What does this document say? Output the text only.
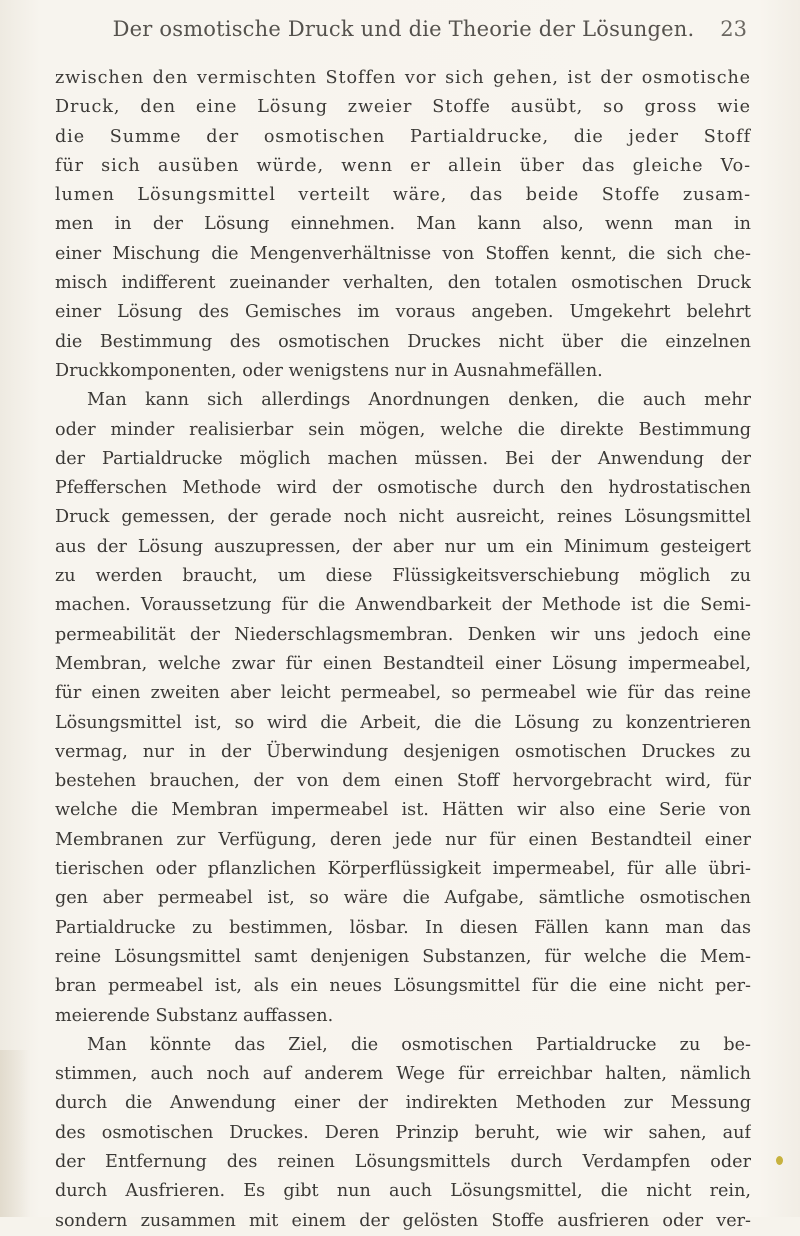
Der osmotische Druck und die Theorie der Lösungen.	23
zwischen den vermischten Stoffen vor sich gehen, ist der osmotische
Druck, den eine Lösung zweier Stoffe ausübt, so gross wie
die Summe der osmotischen Partialdrucke, die jeder Stoff
für sich ausüben würde, wenn er allein über das gleiche Vo-
lumen Lösungsmittel verteilt wäre, das beide Stoffe zusam-
men in der Lösung einnehmen. Man kann also, wenn man in
einer Mischung die Mengenverhältnisse von Stoffen kennt, die sich che-
misch indifferent zueinander verhalten, den totalen osmotischen Druck
einer Lösung des Gemisches im voraus angeben. Umgekehrt belehrt
die Bestimmung des osmotischen Druckes nicht über die einzelnen
Druckkomponenten, oder wenigstens nur in Ausnahmefällen.
Man kann sich allerdings Anordnungen denken, die auch mehr
oder minder realisierbar sein mögen, welche die direkte Bestimmung
der Partialdrucke möglich machen müssen. Bei der Anwendung der
Pfefferschen Methode wird der osmotische durch den hydrostatischen
Druck gemessen, der gerade noch nicht ausreicht, reines Lösungsmittel
aus der Lösung auszupressen, der aber nur um ein Minimum gesteigert
zu werden braucht, um diese Flüssigkeitsverschiebung möglich zu
machen. Voraussetzung für die Anwendbarkeit der Methode ist die Semi-
permeabilität der Niederschlagsmembran. Denken wir uns jedoch eine
Membran, welche zwar für einen Bestandteil einer Lösung impermeabel,
für einen zweiten aber leicht permeabel, so permeabel wie für das reine
Lösungsmittel ist, so wird die Arbeit, die die Lösung zu konzentrieren
vermag, nur in der Überwindung desjenigen osmotischen Druckes zu
bestehen brauchen, der von dem einen Stoff hervorgebracht wird, für
welche die Membran impermeabel ist. Hätten wir also eine Serie von
Membranen zur Verfügung, deren jede nur für einen Bestandteil einer
tierischen oder pflanzlichen Körperflüssigkeit impermeabel, für alle übri-
gen aber permeabel ist, so wäre die Aufgabe, sämtliche osmotischen
Partialdrucke zu bestimmen, lösbar. In diesen Fällen kann man das
reine Lösungsmittel samt denjenigen Substanzen, für welche die Mem-
bran permeabel ist, als ein neues Lösungsmittel für die eine nicht per-
meierende Substanz auffassen.
Man könnte das Ziel, die osmotischen Partialdrucke zu be-
stimmen, auch noch auf anderem Wege für erreichbar halten, nämlich
durch die Anwendung einer der indirekten Methoden zur Messung
des osmotischen Druckes. Deren Prinzip beruht, wie wir sahen, auf
der Entfernung des reinen Lösungsmittels durch Verdampfen oder
durch Ausfrieren. Es gibt nun auch Lösungsmittel, die nicht rein,
sondern zusammen mit einem der gelösten Stoffe ausfrieren oder ver-
